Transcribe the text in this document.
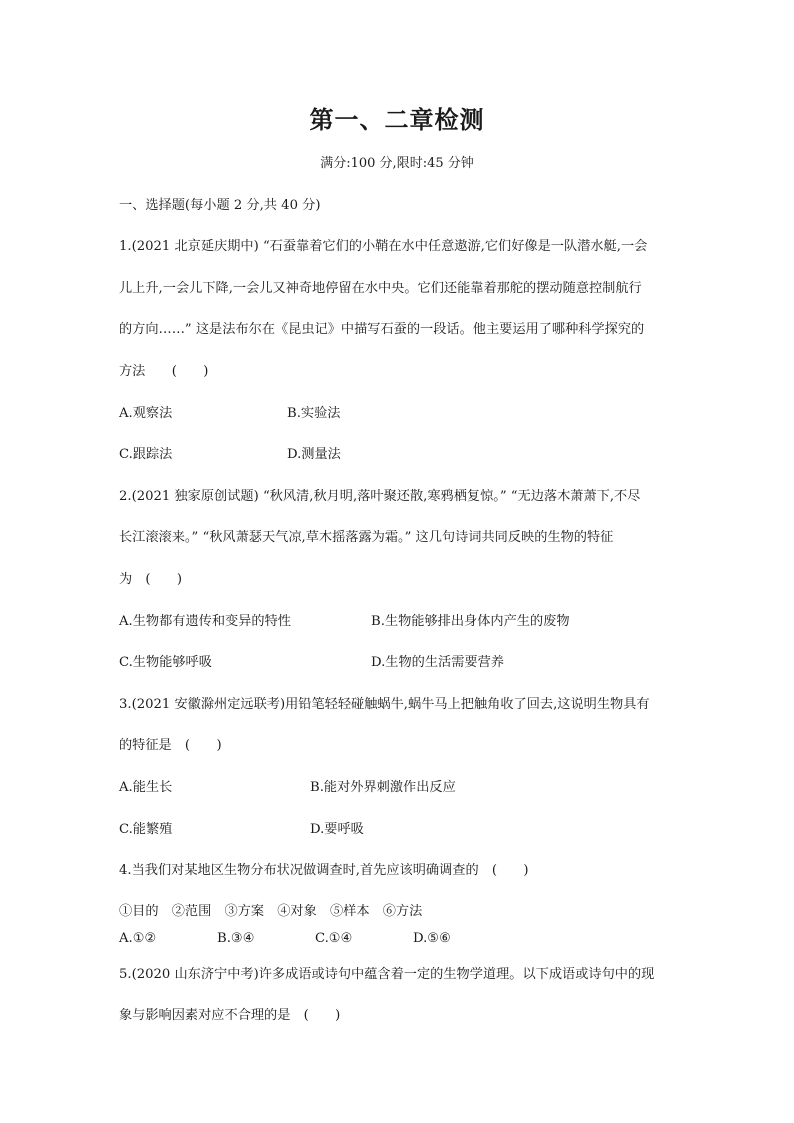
第一、二章检测
满分:100 分,限时:45 分钟
一、选择题(每小题 2 分,共 40 分)
1.(2021 北京延庆期中) “石蚕靠着它们的小鞘在水中任意遨游,它们好像是一队潜水艇,一会
儿上升,一会儿下降,一会儿又神奇地停留在水中央。它们还能靠着那舵的摆动随意控制航行
的方向……” 这是法布尔在《昆虫记》中描写石蚕的一段话。他主要运用了哪种科学探究的
方法　　(　　)
A.观察法	B.实验法
C.跟踪法	D.测量法
2.(2021 独家原创试题) “秋风清,秋月明,落叶聚还散,寒鸦栖复惊。” “无边落木萧萧下,不尽
长江滚滚来。” “秋风萧瑟天气凉,草木摇落露为霜。” 这几句诗词共同反映的生物的特征
为　(　　)
A.生物都有遗传和变异的特性	B.生物能够排出身体内产生的废物
C.生物能够呼吸	D.生物的生活需要营养
3.(2021 安徽滁州定远联考)用铅笔轻轻碰触蜗牛,蜗牛马上把触角收了回去,这说明生物具有
的特征是　(　　)
A.能生长	B.能对外界刺激作出反应
C.能繁殖	D.要呼吸
4.当我们对某地区生物分布状况做调查时,首先应该明确调查的　(　　)
①目的　②范围　③方案　④对象　⑤样本　⑥方法
A.①②	B.③④	C.①④	D.⑤⑥
5.(2020 山东济宁中考)许多成语或诗句中蕴含着一定的生物学道理。以下成语或诗句中的现
象与影响因素对应不合理的是　(　　)
